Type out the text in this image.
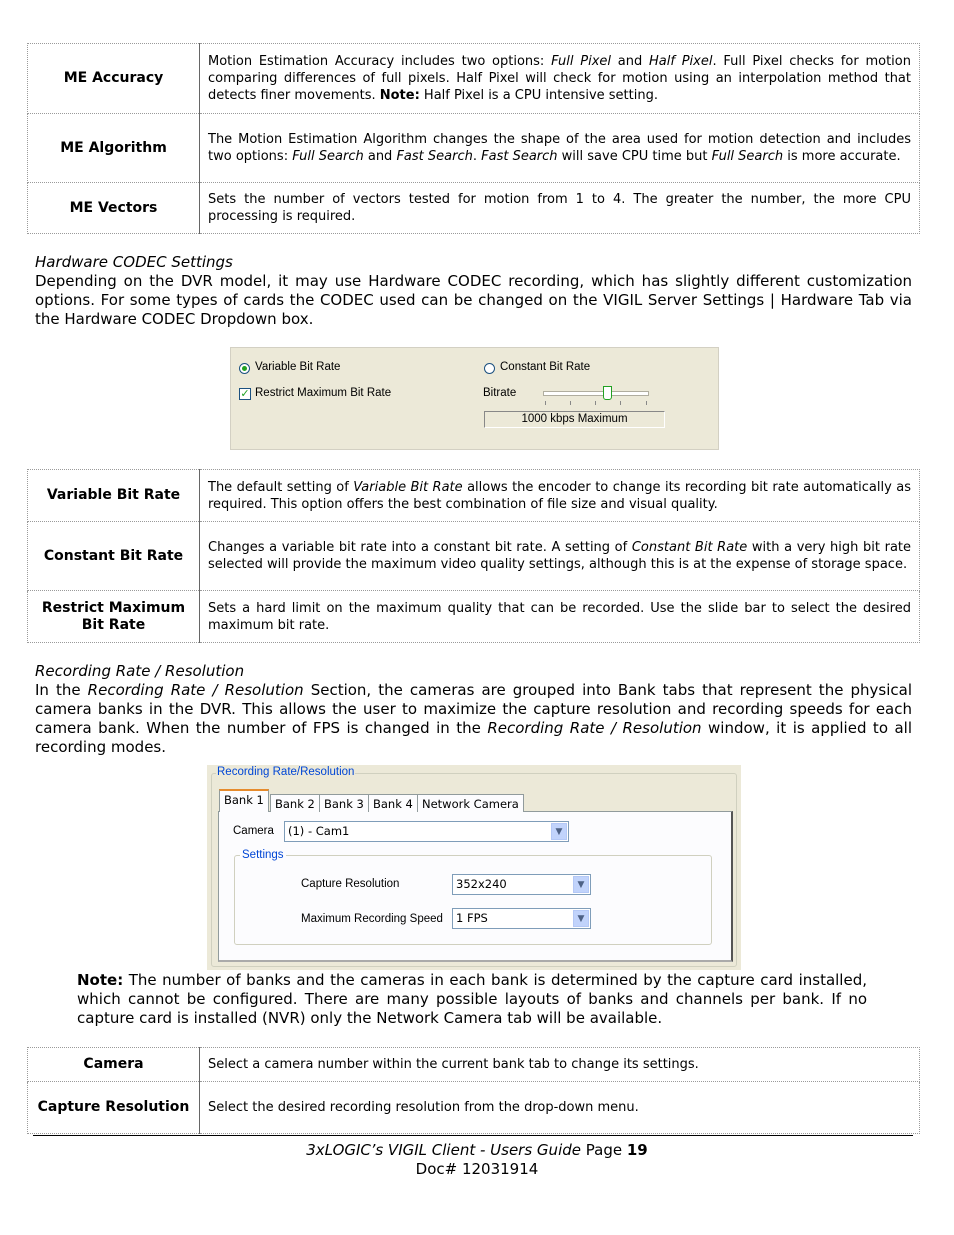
ME Accuracy	Motion Estimation Accuracy includes two options: Full Pixel and Half Pixel. Full Pixel checks for motion comparing differences of full pixels. Half Pixel will check for motion using an interpolation method that detects finer movements. Note: Half Pixel is a CPU intensive setting.
ME Algorithm	The Motion Estimation Algorithm changes the shape of the area used for motion detection and includes two options: Full Search and Fast Search. Fast Search will save CPU time but Full Search is more accurate.
ME Vectors	Sets the number of vectors tested for motion from 1 to 4. The greater the number, the more CPU processing is required.
Hardware CODEC Settings
Depending on the DVR model, it may use Hardware CODEC recording, which has slightly different customization options. For some types of cards the CODEC used can be changed on the VIGIL Server Settings | Hardware Tab via the Hardware CODEC Dropdown box.
Variable Bit Rate	Constant Bit Rate
✓ Restrict Maximum Bit Rate	Bitrate
1000 kbps Maximum
Variable Bit Rate	The default setting of Variable Bit Rate allows the encoder to change its recording bit rate automatically as required. This option offers the best combination of file size and visual quality.
Constant Bit Rate	Changes a variable bit rate into a constant bit rate. A setting of Constant Bit Rate with a very high bit rate selected will provide the maximum video quality settings, although this is at the expense of storage space.
Restrict Maximum Bit Rate	Sets a hard limit on the maximum quality that can be recorded. Use the slide bar to select the desired maximum bit rate.
Recording Rate / Resolution
In the Recording Rate / Resolution Section, the cameras are grouped into Bank tabs that represent the physical camera banks in the DVR. This allows the user to maximize the capture resolution and recording speeds for each camera bank. When the number of FPS is changed in the Recording Rate / Resolution window, it is applied to all recording modes.
Recording Rate/Resolution
Bank 1 Bank 2 Bank 3 Bank 4 Network Camera
Camera	(1) - Cam1	▼
Settings
Capture Resolution	352x240	▼
Maximum Recording Speed	1 FPS	▼
Note: The number of banks and the cameras in each bank is determined by the capture card installed, which cannot be configured. There are many possible layouts of banks and channels per bank. If no capture card is installed (NVR) only the Network Camera tab will be available.
Camera	Select a camera number within the current bank tab to change its settings.
Capture Resolution	Select the desired recording resolution from the drop-down menu.
3xLOGIC’s VIGIL Client - Users Guide Page 19
Doc# 12031914
